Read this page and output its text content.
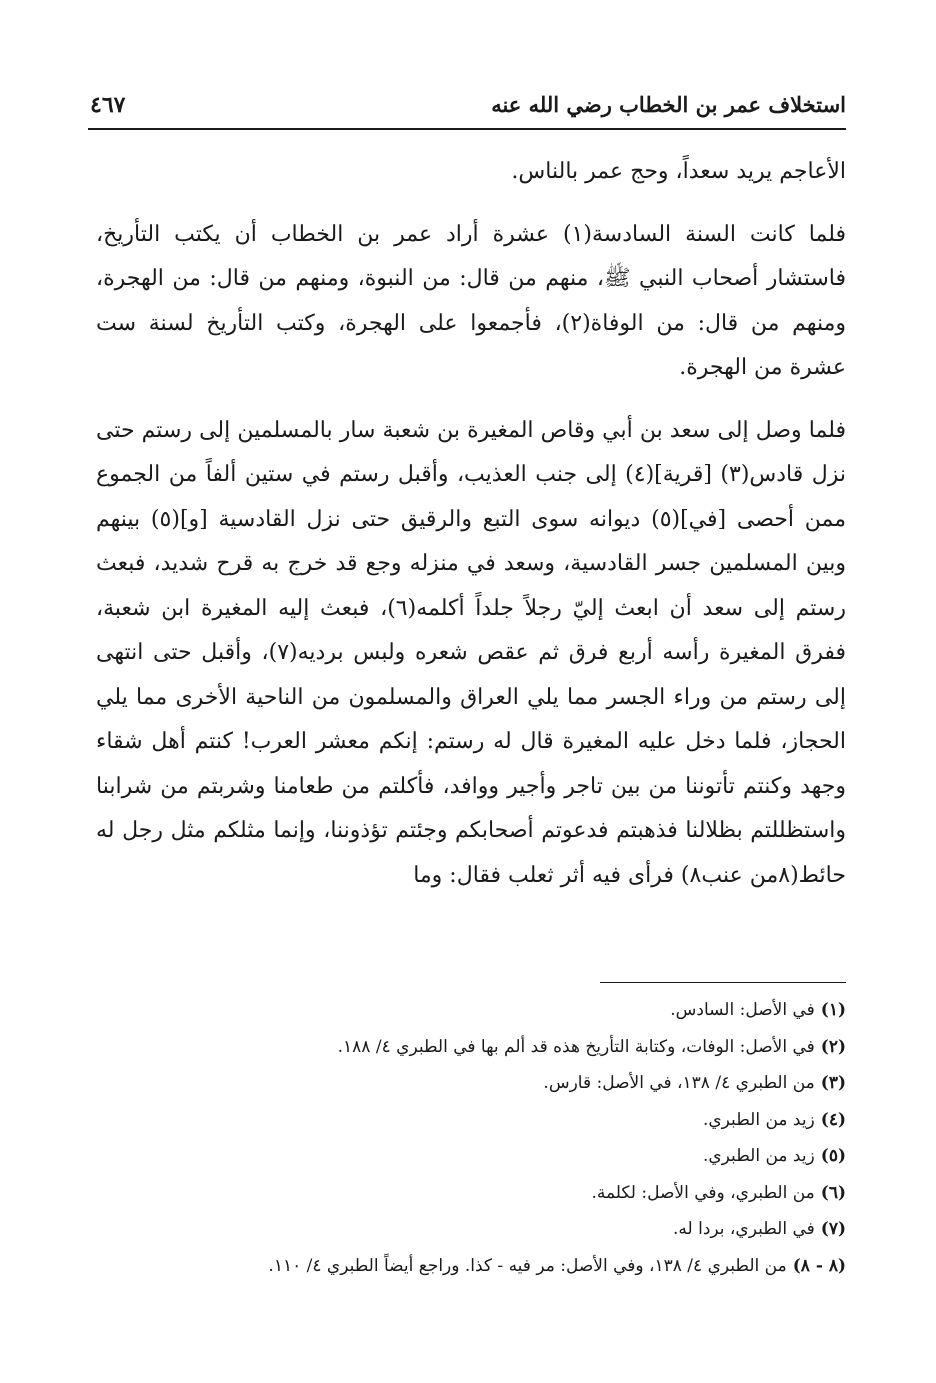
استخلاف عمر بن الخطاب رضي الله عنه
٤٦٧

الأعاجم يريد سعداً، وحج عمر بالناس.

فلما كانت السنة السادسة(١) عشرة أراد عمر بن الخطاب أن يكتب التأريخ، فاستشار أصحاب النبي ﷺ، منهم من قال: من النبوة، ومنهم من قال: من الهجرة، ومنهم من قال: من الوفاة(٢)، فأجمعوا على الهجرة، وكتب التأريخ لسنة ست عشرة من الهجرة.

فلما وصل إلى سعد بن أبي وقاص المغيرة بن شعبة سار بالمسلمين إلى رستم حتى نزل قادس(٣) [قرية](٤) إلى جنب العذيب، وأقبل رستم في ستين ألفاً من الجموع ممن أحصى [في](٥) ديوانه سوى التبع والرقيق حتى نزل القادسية [و](٥) بينهم وبين المسلمين جسر القادسية، وسعد في منزله وجع قد خرج به قرح شديد، فبعث رستم إلى سعد أن ابعث إليّ رجلاً جلداً أكلمه(٦)، فبعث إليه المغيرة ابن شعبة، ففرق المغيرة رأسه أربع فرق ثم عقص شعره ولبس برديه(٧)، وأقبل حتى انتهى إلى رستم من وراء الجسر مما يلي العراق والمسلمون من الناحية الأخرى مما يلي الحجاز، فلما دخل عليه المغيرة قال له رستم: إنكم معشر العرب! كنتم أهل شقاء وجهد وكنتم تأتوننا من بين تاجر وأجير ووافد، فأكلتم من طعامنا وشربتم من شرابنا واستظللتم بظلالنا فذهبتم فدعوتم أصحابكم وجئتم تؤذوننا، وإنما مثلكم مثل رجل له حائط(٨من عنب٨) فرأى فيه أثر ثعلب فقال: وما

(١)في الأصل: السادس.
(٢)في الأصل: الوفات، وكتابة التأريخ هذه قد ألم بها في الطبري ٤/ ١٨٨.
(٣)من الطبري ٤/ ١٣٨، في الأصل: قارس.
(٤)زيد من الطبري.
(٥)زيد من الطبري.
(٦)من الطبري، وفي الأصل: لكلمة.
(٧)في الطبري، بردا له.
(٨ - ٨)من الطبري ٤/ ١٣٨، وفي الأصل: مر فيه - كذا. وراجع أيضاً الطبري ٤/ ١١٠.
